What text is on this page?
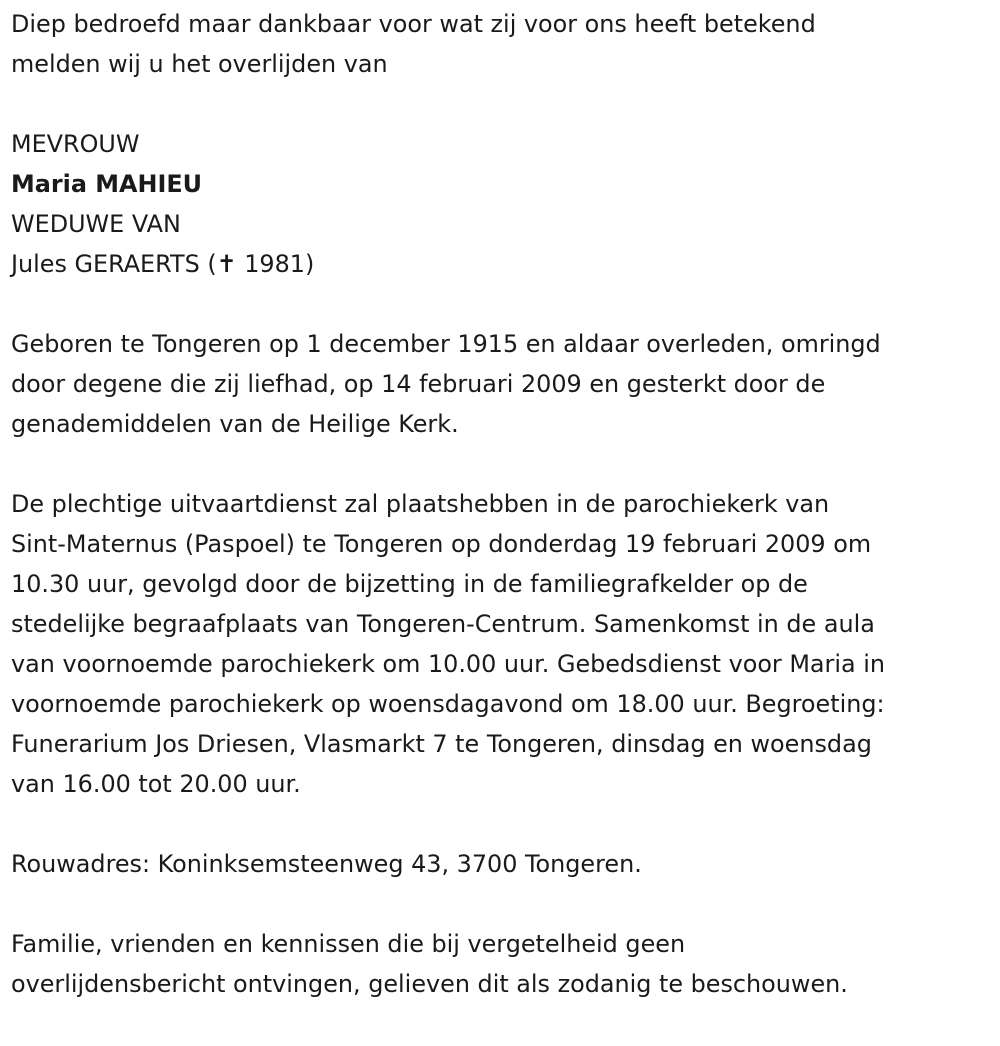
Diep bedroefd maar dankbaar voor wat zij voor ons heeft betekend

melden wij u het overlijden van

MEVROUW

Maria MAHIEU

WEDUWE VAN

Jules GERAERTS (✝ 1981)

Geboren te Tongeren op 1 december 1915 en aldaar overleden, omringd

door degene die zij liefhad, op 14 februari 2009 en gesterkt door de

genademiddelen van de Heilige Kerk.

De plechtige uitvaartdienst zal plaatshebben in de parochiekerk van

Sint-Maternus (Paspoel) te Tongeren op donderdag 19 februari 2009 om

10.30 uur, gevolgd door de bijzetting in de familiegrafkelder op de

stedelijke begraafplaats van Tongeren-Centrum. Samenkomst in de aula

van voornoemde parochiekerk om 10.00 uur. Gebedsdienst voor Maria in

voornoemde parochiekerk op woensdagavond om 18.00 uur. Begroeting:

Funerarium Jos Driesen, Vlasmarkt 7 te Tongeren, dinsdag en woensdag

van 16.00 tot 20.00 uur.

Rouwadres: Koninksemsteenweg 43, 3700 Tongeren.

Familie, vrienden en kennissen die bij vergetelheid geen

overlijdensbericht ontvingen, gelieven dit als zodanig te beschouwen.
